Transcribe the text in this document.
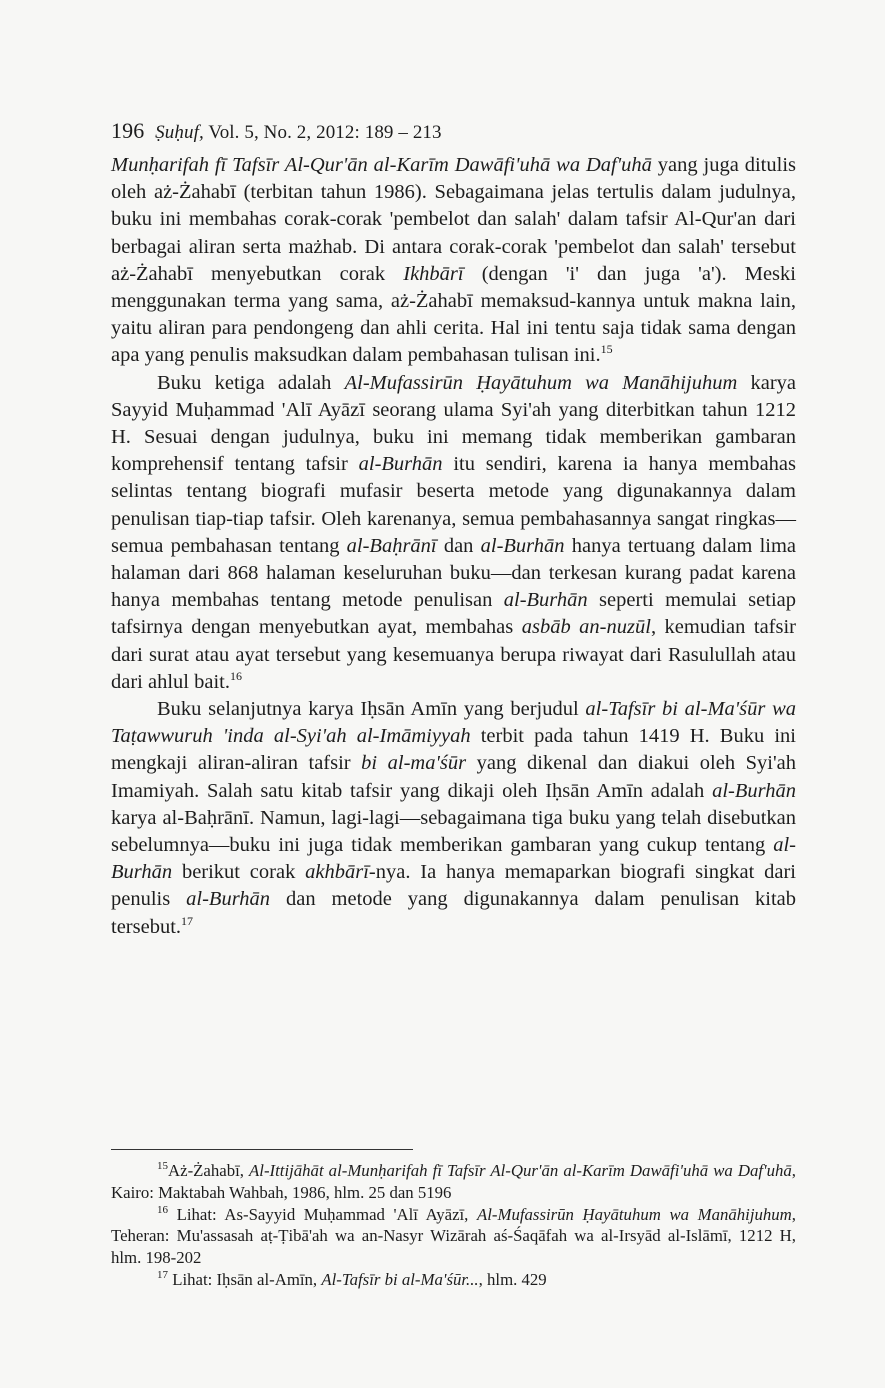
196 Ṣuḥuf, Vol. 5, No. 2, 2012: 189 – 213

Munḥarifah fī Tafsīr Al-Qur'ān al-Karīm Dawāfi'uhā wa Daf'uhā yang juga ditulis oleh aż-Żahabī (terbitan tahun 1986). Sebagaimana jelas tertulis dalam judulnya, buku ini membahas corak-corak 'pembelot dan salah' dalam tafsir Al-Qur'an dari berbagai aliran serta mażhab. Di antara corak-corak 'pembelot dan salah' tersebut aż-Żahabī menyebutkan corak Ikhbārī (dengan 'i' dan juga 'a'). Meski menggunakan terma yang sama, aż-Żahabī memaksud-kannya untuk makna lain, yaitu aliran para pendongeng dan ahli cerita. Hal ini tentu saja tidak sama dengan apa yang penulis maksudkan dalam pembahasan tulisan ini.$^{15}$

Buku ketiga adalah Al-Mufassirūn Ḥayātuhum wa Manāhijuhum karya Sayyid Muḥammad 'Alī Ayāzī seorang ulama Syi'ah yang diterbitkan tahun 1212 H. Sesuai dengan judulnya, buku ini memang tidak memberikan gambaran komprehensif tentang tafsir al-Burhān itu sendiri, karena ia hanya membahas selintas tentang biografi mufasir beserta metode yang digunakannya dalam penulisan tiap-tiap tafsir. Oleh karenanya, semua pembahasannya sangat ringkas—semua pembahasan tentang al-Baḥrānī dan al-Burhān hanya tertuang dalam lima halaman dari 868 halaman keseluruhan buku—dan terkesan kurang padat karena hanya membahas tentang metode penulisan al-Burhān seperti memulai setiap tafsirnya dengan menyebutkan ayat, membahas asbāb an-nuzūl, kemudian tafsir dari surat atau ayat tersebut yang kesemuanya berupa riwayat dari Rasulullah atau dari ahlul bait.$^{16}$

Buku selanjutnya karya Iḥsān Amīn yang berjudul al-Tafsīr bi al-Ma'śūr wa Taṭawwuruh 'inda al-Syi'ah al-Imāmiyyah terbit pada tahun 1419 H. Buku ini mengkaji aliran-aliran tafsir bi al-ma'śūr yang dikenal dan diakui oleh Syi'ah Imamiyah. Salah satu kitab tafsir yang dikaji oleh Iḥsān Amīn adalah al-Burhān karya al-Baḥrānī. Namun, lagi-lagi—sebagaimana tiga buku yang telah disebutkan sebelumnya—buku ini juga tidak memberikan gambaran yang cukup tentang al-Burhān berikut corak akhbārī-nya. Ia hanya memaparkan biografi singkat dari penulis al-Burhān dan metode yang digunakannya dalam penulisan kitab tersebut.$^{17}$

$^{15}$Aż-Żahabī, Al-Ittijāhāt al-Munḥarifah fī Tafsīr Al-Qur'ān al-Karīm Dawāfi'uhā wa Daf'uhā, Kairo: Maktabah Wahbah, 1986, hlm. 25 dan 5196

$^{16}$ Lihat: As-Sayyid Muḥammad 'Alī Ayāzī, Al-Mufassirūn Ḥayātuhum wa Manāhijuhum, Teheran: Mu'assasah aṭ-Ṭibā'ah wa an-Nasyr Wizārah aś-Śaqāfah wa al-Irsyād al-Islāmī, 1212 H, hlm. 198-202

$^{17}$ Lihat: Iḥsān al-Amīn, Al-Tafsīr bi al-Ma'śūr..., hlm. 429
